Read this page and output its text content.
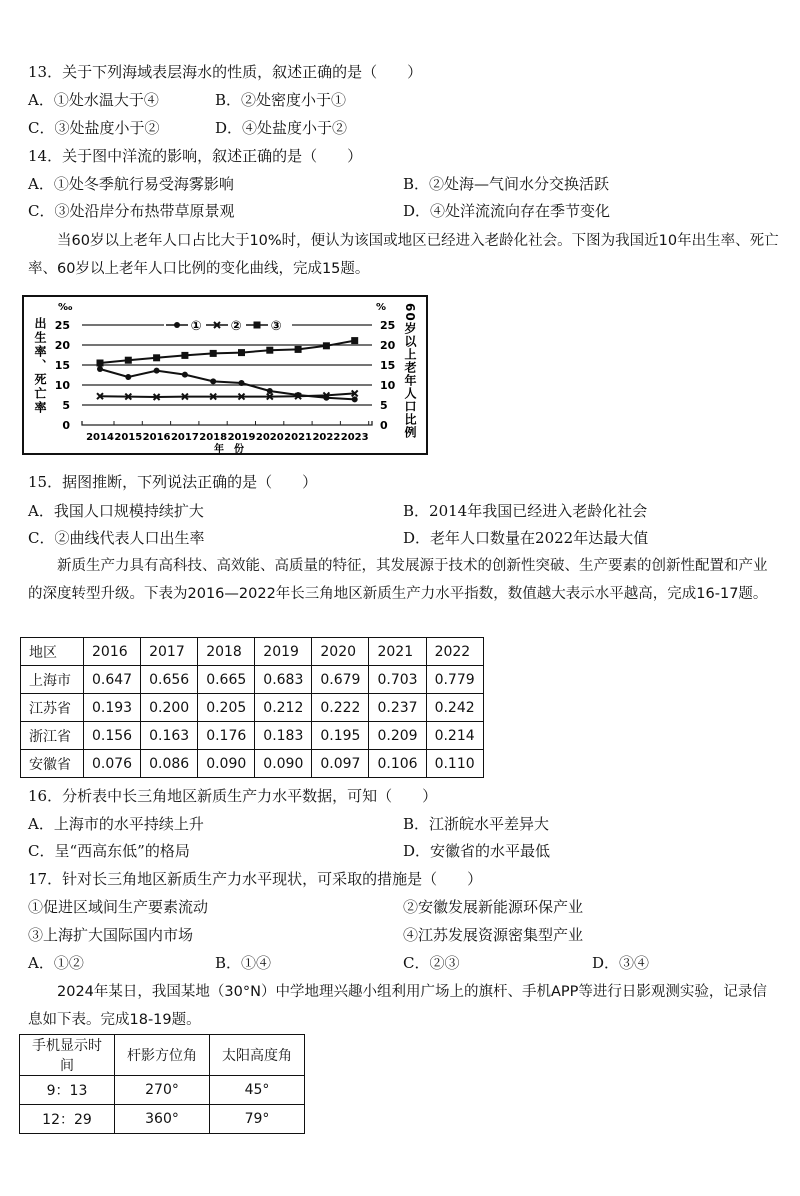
13．关于下列海域表层海水的性质，叙述正确的是（　　）
A．①处水温大于④	B．②处密度小于①
C．③处盐度小于②	D．④处盐度小于②
14．关于图中洋流的影响，叙述正确的是（　　）
A．①处冬季航行易受海雾影响	B．②处海—气间水分交换活跃
C．③处沿岸分布热带草原景观	D．④处洋流流向存在季节变化
当60岁以上老年人口占比大于10%时，便认为该国或地区已经进入老龄化社会。下图为我国近10年出生率、死亡率、60岁以上老年人口比例的变化曲线，完成15题。
0	0
5	5
10	10
15	15
20	20
25	25
2014 2015 2016 2017 2018 2019 2020 2021 2022 2023
年　份
‰	%
出生率、死亡率	60岁以上老年人口比例
① ② ③
15．据图推断，下列说法正确的是（　　）
A．我国人口规模持续扩大	B．2014年我国已经进入老龄化社会
C．②曲线代表人口出生率	D．老年人口数量在2022年达最大值
新质生产力具有高科技、高效能、高质量的特征，其发展源于技术的创新性突破、生产要素的创新性配置和产业的深度转型升级。下表为2016—2022年长三角地区新质生产力水平指数，数值越大表示水平越高，完成16-17题。
地区	2016	2017	2018	2019	2020	2021	2022
上海市	0.647	0.656	0.665	0.683	0.679	0.703	0.779
江苏省	0.193	0.200	0.205	0.212	0.222	0.237	0.242
浙江省	0.156	0.163	0.176	0.183	0.195	0.209	0.214
安徽省	0.076	0.086	0.090	0.090	0.097	0.106	0.110
16．分析表中长三角地区新质生产力水平数据，可知（　　）
A．上海市的水平持续上升	B．江浙皖水平差异大
C．呈“西高东低”的格局	D．安徽省的水平最低
17．针对长三角地区新质生产力水平现状，可采取的措施是（　　）
①促进区域间生产要素流动	②安徽发展新能源环保产业
③上海扩大国际国内市场	④江苏发展资源密集型产业
A．①②	B．①④	C．②③	D．③④
2024年某日，我国某地（30°N）中学地理兴趣小组利用广场上的旗杆、手机APP等进行日影观测实验，记录信息如下表。完成18-19题。
手机显示时间	杆影方位角	太阳高度角
9：13	270°	45°
12：29	360°	79°
